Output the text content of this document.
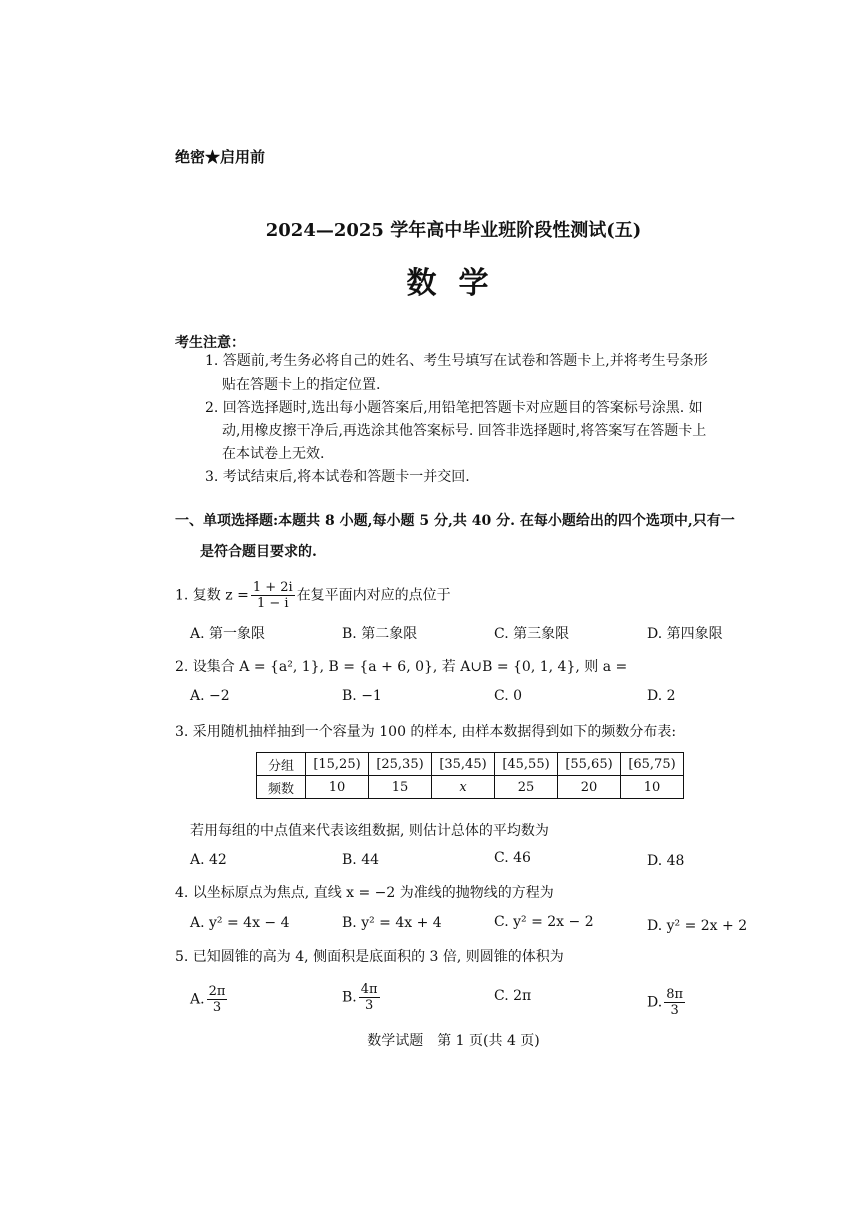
绝密★启用前
2024—2025 学年高中毕业班阶段性测试(五)
数学
考生注意：
1. 答题前,考生务必将自己的姓名、考生号填写在试卷和答题卡上,并将考生号条形
贴在答题卡上的指定位置.
2. 回答选择题时,选出每小题答案后,用铅笔把答题卡对应题目的答案标号涂黑. 如
动,用橡皮擦干净后,再选涂其他答案标号. 回答非选择题时,将答案写在答题卡上
在本试卷上无效.
3. 考试结束后,将本试卷和答题卡一并交回.
一、单项选择题:本题共 8 小题,每小题 5 分,共 40 分. 在每小题给出的四个选项中,只有一
是符合题目要求的.
1. 复数 $z = \frac{1 + 2i}{1 - i}$ 在复平面内对应的点位于
A. 第一象限	B. 第二象限	C. 第三象限	D. 第四象限
2. 设集合 A = {a², 1}, B = {a + 6, 0}, 若 A∪B = {0, 1, 4}, 则 a =
A. −2	B. −1	C. 0	D. 2
3. 采用随机抽样抽到一个容量为 100 的样本, 由样本数据得到如下的频数分布表:
分组	[15,25)	[25,35)	[35,45)	[45,55)	[55,65)	[65,75)
频数	10	15	x	25	20	10
若用每组的中点值来代表该组数据, 则估计总体的平均数为
A. 42	B. 44	C. 46	D. 48
4. 以坐标原点为焦点, 直线 x = −2 为准线的抛物线的方程为
A. y² = 4x − 4	B. y² = 4x + 4	C. y² = 2x − 2	D. y² = 2x + 2
5. 已知圆锥的高为 4, 侧面积是底面积的 3 倍, 则圆锥的体积为
A. $\frac{2\pi}{3}$	B. $\frac{4\pi}{3}$	C. 2π	D. $\frac{8\pi}{3}$
数学试题　第 1 页(共 4 页)
